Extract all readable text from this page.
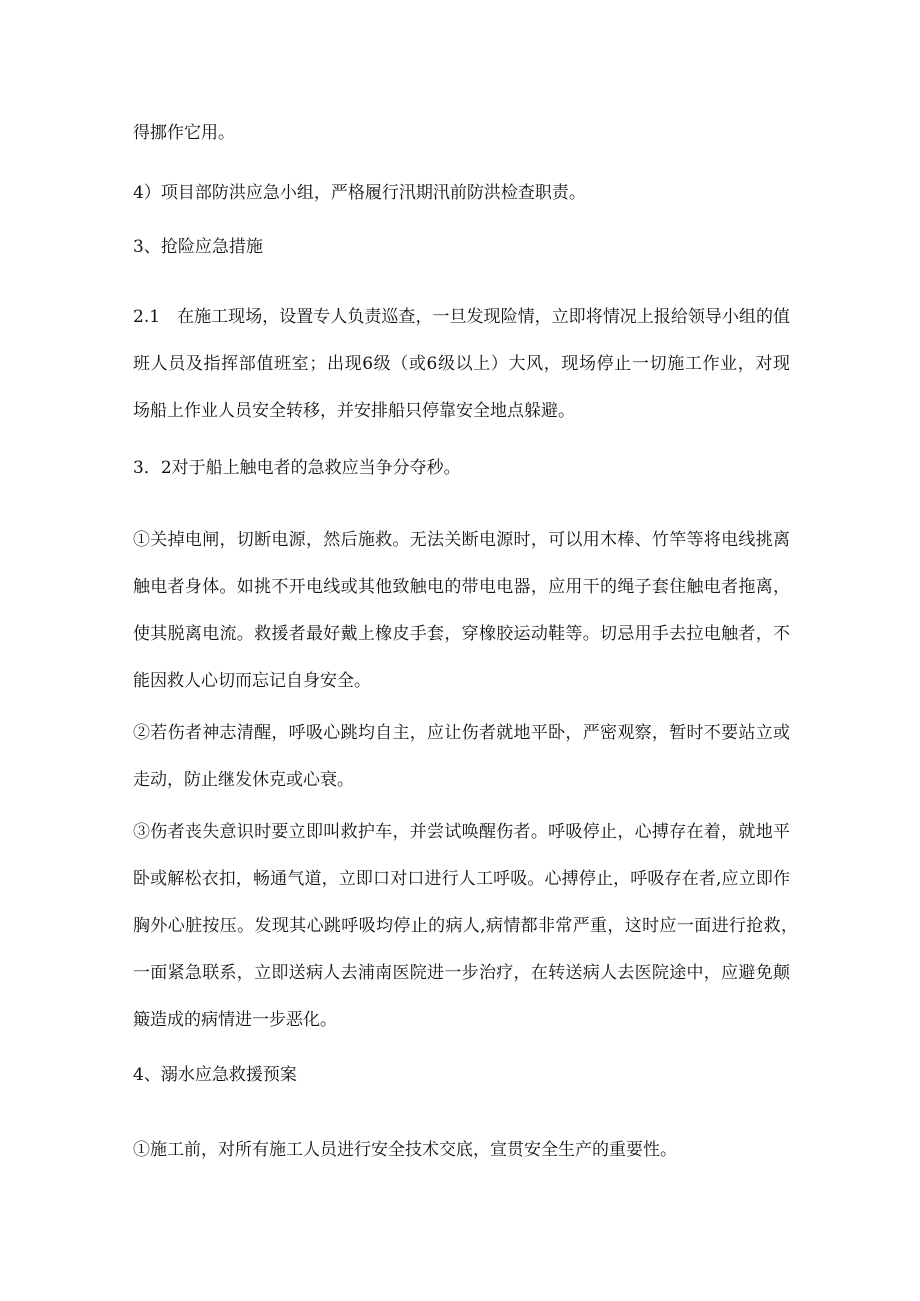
得挪作它用。
4）项目部防洪应急小组，严格履行汛期汛前防洪检查职责。
3、抢险应急措施
2.1　在施工现场，设置专人负责巡查，一旦发现险情，立即将情况上报给领导小组的值
班人员及指挥部值班室；出现6级（或6级以上）大风，现场停止一切施工作业，对现
场船上作业人员安全转移，并安排船只停靠安全地点躲避。
3．2对于船上触电者的急救应当争分夺秒。
①关掉电闸，切断电源，然后施救。无法关断电源时，可以用木棒、竹竿等将电线挑离
触电者身体。如挑不开电线或其他致触电的带电电器，应用干的绳子套住触电者拖离，
使其脱离电流。救援者最好戴上橡皮手套，穿橡胶运动鞋等。切忌用手去拉电触者，不
能因救人心切而忘记自身安全。
②若伤者神志清醒，呼吸心跳均自主，应让伤者就地平卧，严密观察，暂时不要站立或
走动，防止继发休克或心衰。
③伤者丧失意识时要立即叫救护车，并尝试唤醒伤者。呼吸停止，心搏存在着，就地平
卧或解松衣扣，畅通气道，立即口对口进行人工呼吸。心搏停止，呼吸存在者,应立即作
胸外心脏按压。发现其心跳呼吸均停止的病人,病情都非常严重，这时应一面进行抢救，
一面紧急联系，立即送病人去浦南医院进一步治疗，在转送病人去医院途中，应避免颠
簸造成的病情进一步恶化。
4、溺水应急救援预案
①施工前，对所有施工人员进行安全技术交底，宣贯安全生产的重要性。
